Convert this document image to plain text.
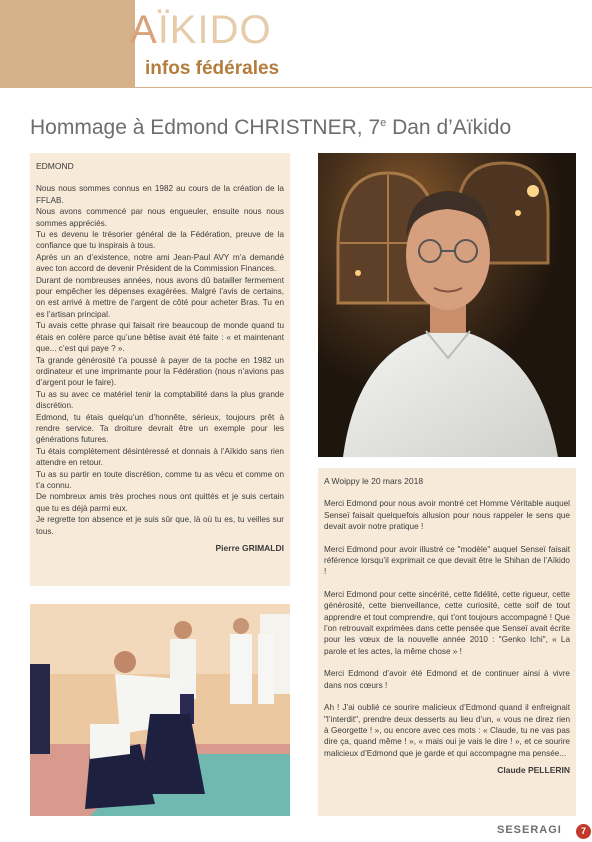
AÏKIDO
infos fédérales
Hommage à Edmond CHRISTNER, 7e Dan d’Aïkido
EDMOND

Nous nous sommes connus en 1982 au cours de la création de la FFLAB.

Nous avons commencé par nous engueuler, ensuite nous nous sommes appréciés.

Tu es devenu le trésorier général de la Fédération, preuve de la confiance que tu inspirais à tous.

Après un an d’existence, notre ami Jean-Paul AVY m’a demandé avec ton accord de devenir Président de la Commission Finances.

Durant de nombreuses années, nous avons dû batailler fermement pour empêcher les dépenses exagérées. Malgré l’avis de certains, on est arrivé à mettre de l’argent de côté pour acheter Bras. Tu en es l’artisan principal.

Tu avais cette phrase qui faisait rire beaucoup de monde quand tu étais en colère parce qu’une bêtise avait été faite : « et maintenant que... c’est qui paye ? ».

Ta grande générosité t’a poussé à payer de ta poche en 1982 un ordinateur et une imprimante pour la Fédération (nous n’avions pas d’argent pour le faire).

Tu as su avec ce matériel tenir la comptabilité dans la plus grande discrétion.

Edmond, tu étais quelqu’un d’honnête, sérieux, toujours prêt à rendre service. Ta droiture devrait être un exemple pour les générations futures.

Tu étais complètement désintéressé et donnais à l’Aïkido sans rien attendre en retour.

Tu as su partir en toute discrétion, comme tu as vécu et comme on t’a connu.

De nombreux amis très proches nous ont quittés et je suis certain que tu es déjà parmi eux.

Je regrette ton absence et je suis sûr que, là où tu es, tu veilles sur tous.

Pierre GRIMALDI
A Woippy le 20 mars 2018

Merci Edmond pour nous avoir montré cet Homme Véritable auquel Senseï faisait quelquefois allusion pour nous rappeler le sens que devait avoir notre pratique !

Merci Edmond pour avoir illustré ce "modèle" auquel Senseï faisait référence lorsqu’il exprimait ce que devait être le Shihan de l’Aïkido !

Merci Edmond pour cette sincérité, cette fidélité, cette rigueur, cette générosité, cette bienveillance, cette curiosité, cette soif de tout apprendre et tout comprendre, qui t’ont toujours accompagné ! Que l’on retrouvait exprimées dans cette pensée que Senseï avait écrite pour les vœux de la nouvelle année 2010 : "Genko Ichi", « La parole et les actes, la même chose » !

Merci Edmond d’avoir été Edmond et de continuer ainsi à vivre dans nos cœurs !

Ah ! J’ai oublié ce sourire malicieux d’Edmond quand il enfreignait "l’interdit", prendre deux desserts au lieu d’un, « vous ne direz rien à Georgette ! », ou encore avec ces mots : « Claude, tu ne vas pas dire ça, quand même ! », « mais oui je vais le dire ! », et ce sourire malicieux d’Edmond que je garde et qui accompagne ma pensée...

Claude PELLERIN
SESERAGI	7
